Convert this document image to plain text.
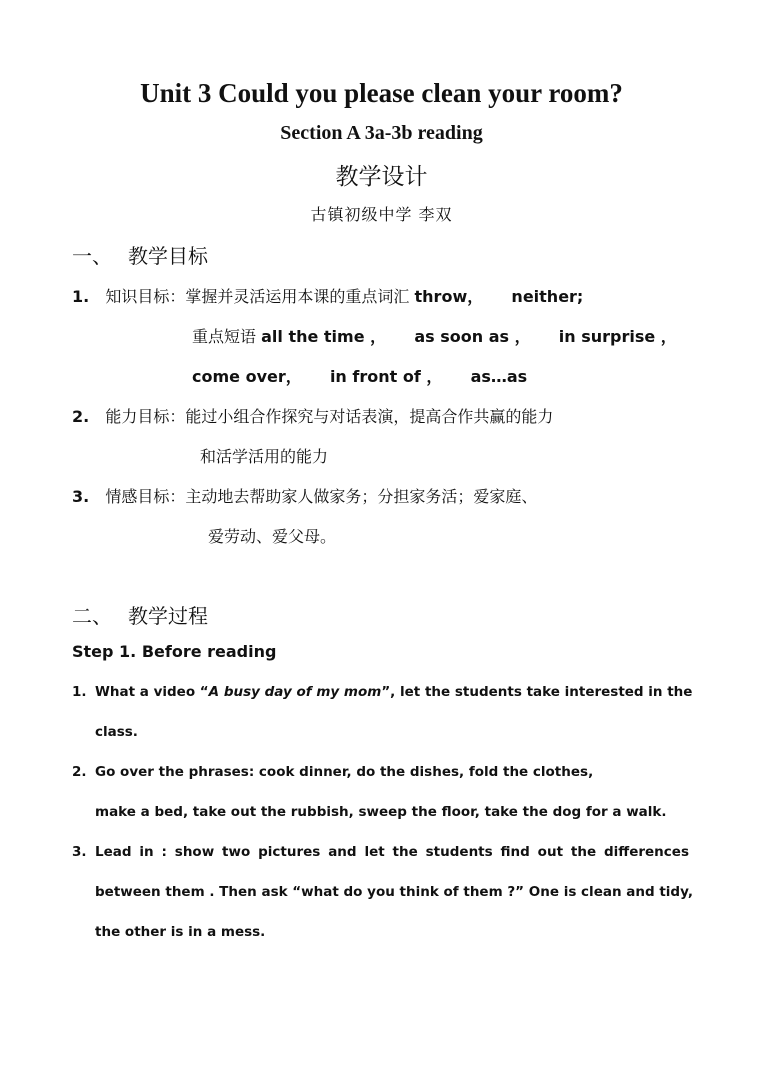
Unit 3 Could you please clean your room?
Section A 3a-3b reading
教学设计
古镇初级中学 李双
一、 教学目标
1. 知识目标：掌握并灵活运用本课的重点词汇 throw， neither;
重点短语 all the time ， as soon as ， in surprise ，
come over， in front of ， as…as
2. 能力目标：能过小组合作探究与对话表演，提高合作共赢的能力
和活学活用的能力
3. 情感目标：主动地去帮助家人做家务；分担家务活；爱家庭、
爱劳动、爱父母。
二、 教学过程
Step 1. Before reading
1. What a video “A busy day of my mom”, let the students take interested in the
class.
2. Go over the phrases: cook dinner, do the dishes, fold the clothes,
make a bed, take out the rubbish, sweep the floor, take the dog for a walk.
3. Lead in : show two pictures and let the students find out the differences
between them . Then ask “what do you think of them ?” One is clean and tidy,
the other is in a mess.
